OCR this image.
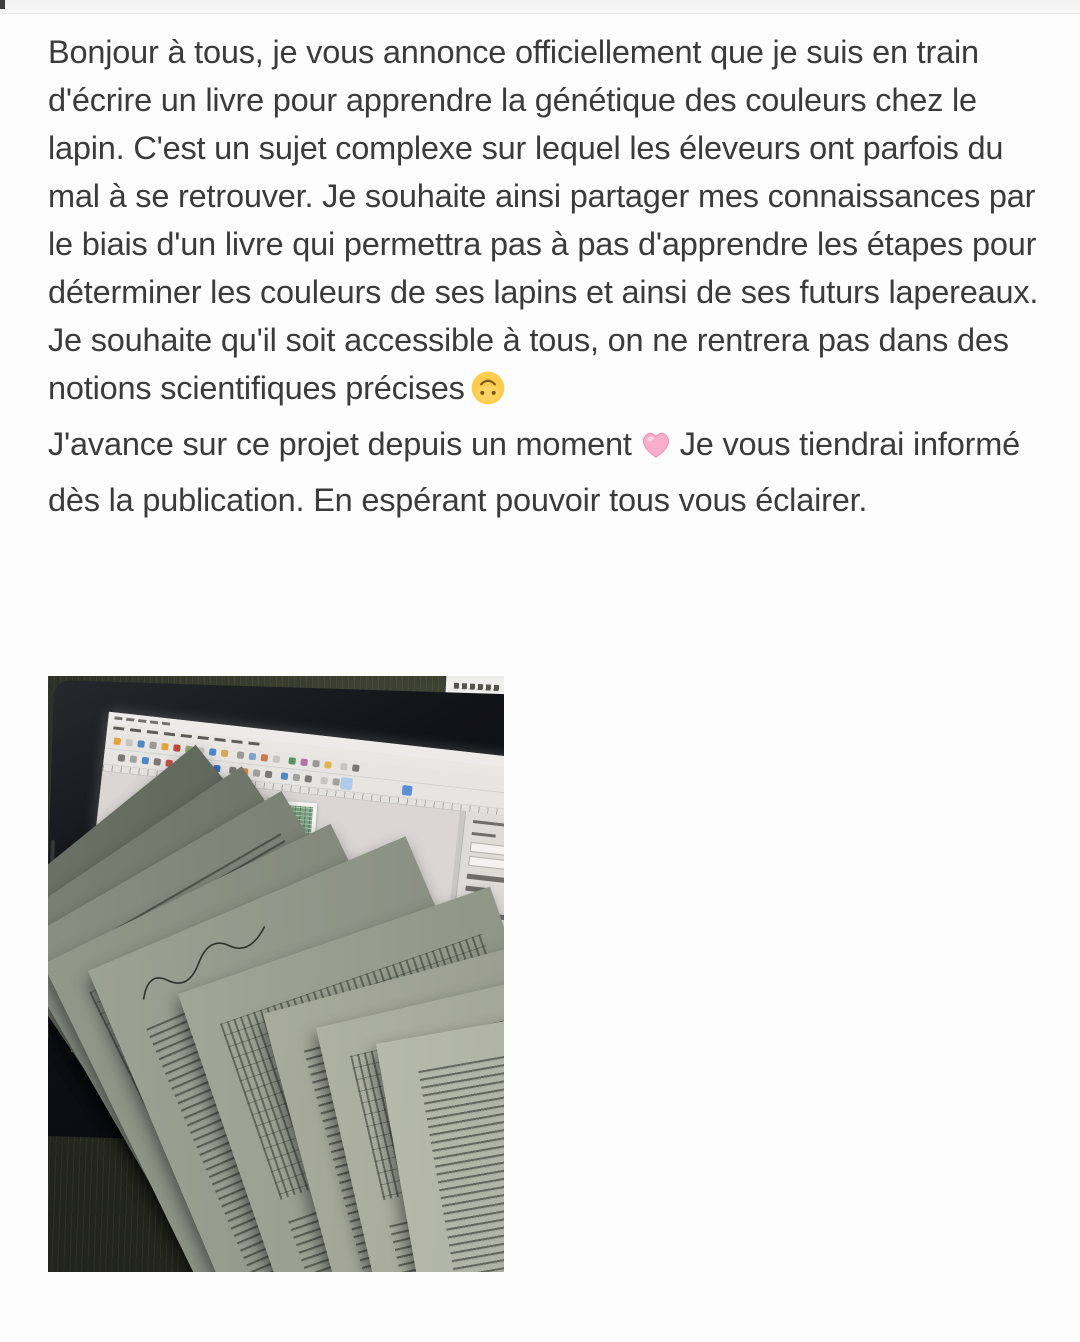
Bonjour à tous, je vous annonce officiellement que je suis en train d'écrire un livre pour apprendre la génétique des couleurs chez le lapin. C'est un sujet complexe sur lequel les éleveurs ont parfois du mal à se retrouver. Je souhaite ainsi partager mes connaissances par le biais d'un livre qui permettra pas à pas d'apprendre les étapes pour déterminer les couleurs de ses lapins et ainsi de ses futurs lapereaux. Je souhaite qu'il soit accessible à tous, on ne rentrera pas dans des notions scientifiques précises
J'avance sur ce projet depuis un moment Je vous tiendrai informé dès la publication. En espérant pouvoir tous vous éclairer.
